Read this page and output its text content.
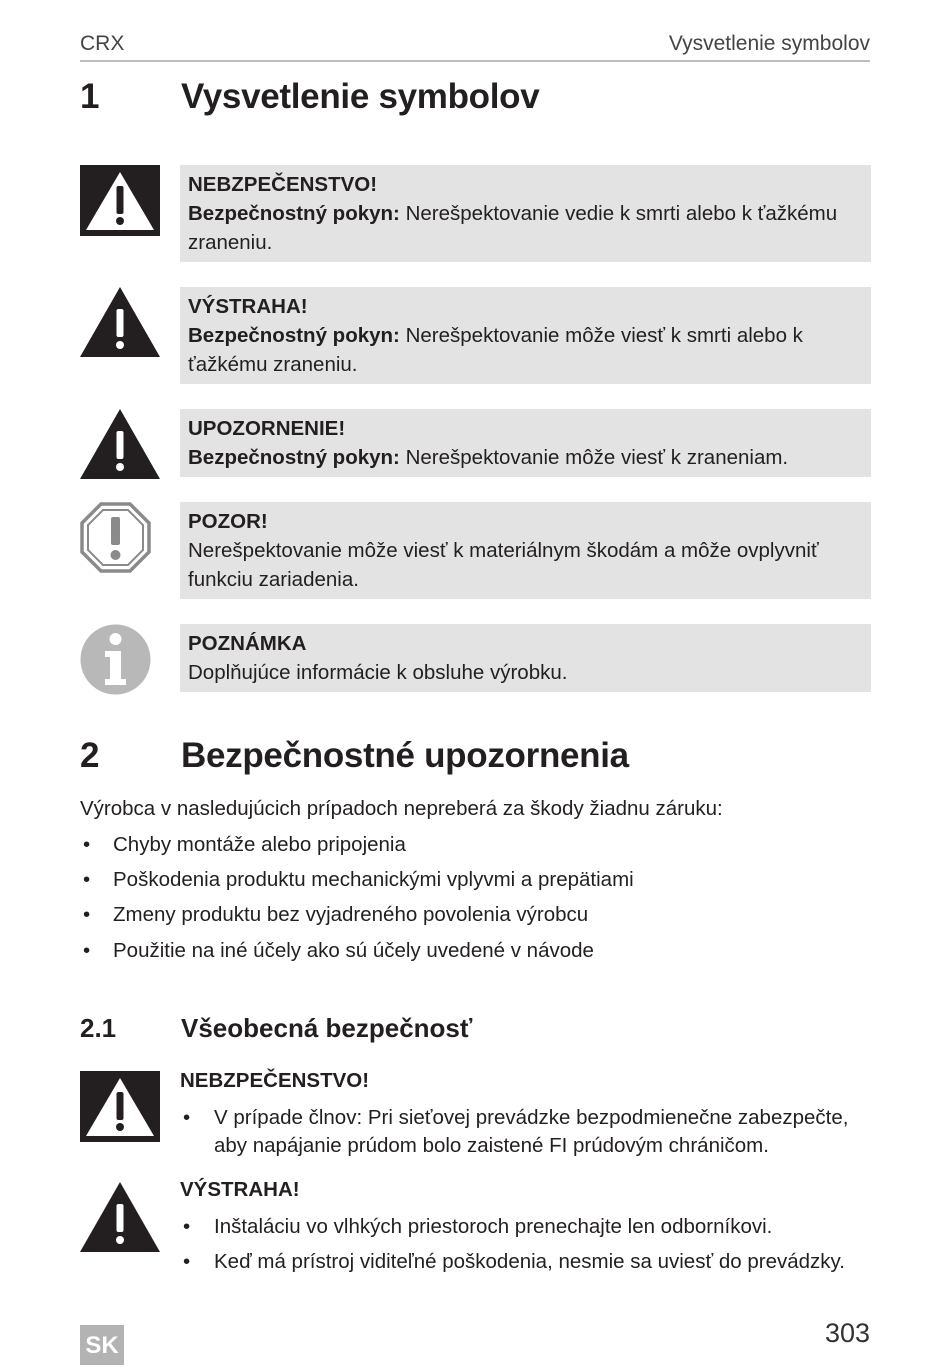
CRX	Vysvetlenie symbolov
1 Vysvetlenie symbolov
NEBZPEČENSTVO!
Bezpečnostný pokyn: Nerešpektovanie vedie k smrti alebo k ťažkému zraneniu.
VÝSTRAHA!
Bezpečnostný pokyn: Nerešpektovanie môže viesť k smrti alebo k ťažkému zraneniu.
UPOZORNENIE!
Bezpečnostný pokyn: Nerešpektovanie môže viesť k zraneniam.
POZOR!
Nerešpektovanie môže viesť k materiálnym škodám a môže ovplyvniť funkciu zariadenia.
POZNÁMKA
Doplňujúce informácie k obsluhe výrobku.
2 Bezpečnostné upozornenia
Výrobca v nasledujúcich prípadoch nepreberá za škody žiadnu záruku:
• Chyby montáže alebo pripojenia
• Poškodenia produktu mechanickými vplyvmi a prepätiami
• Zmeny produktu bez vyjadreného povolenia výrobcu
• Použitie na iné účely ako sú účely uvedené v návode
2.1 Všeobecná bezpečnosť
NEBZPEČENSTVO!
• V prípade člnov: Pri sieťovej prevádzke bezpodmienečne zabezpečte, aby napájanie prúdom bolo zaistené FI prúdovým chráničom.
VÝSTRAHA!
• Inštaláciu vo vlhkých priestoroch prenechajte len odborníkovi.
• Keď má prístroj viditeľné poškodenia, nesmie sa uviesť do prevádzky.
SK	303
